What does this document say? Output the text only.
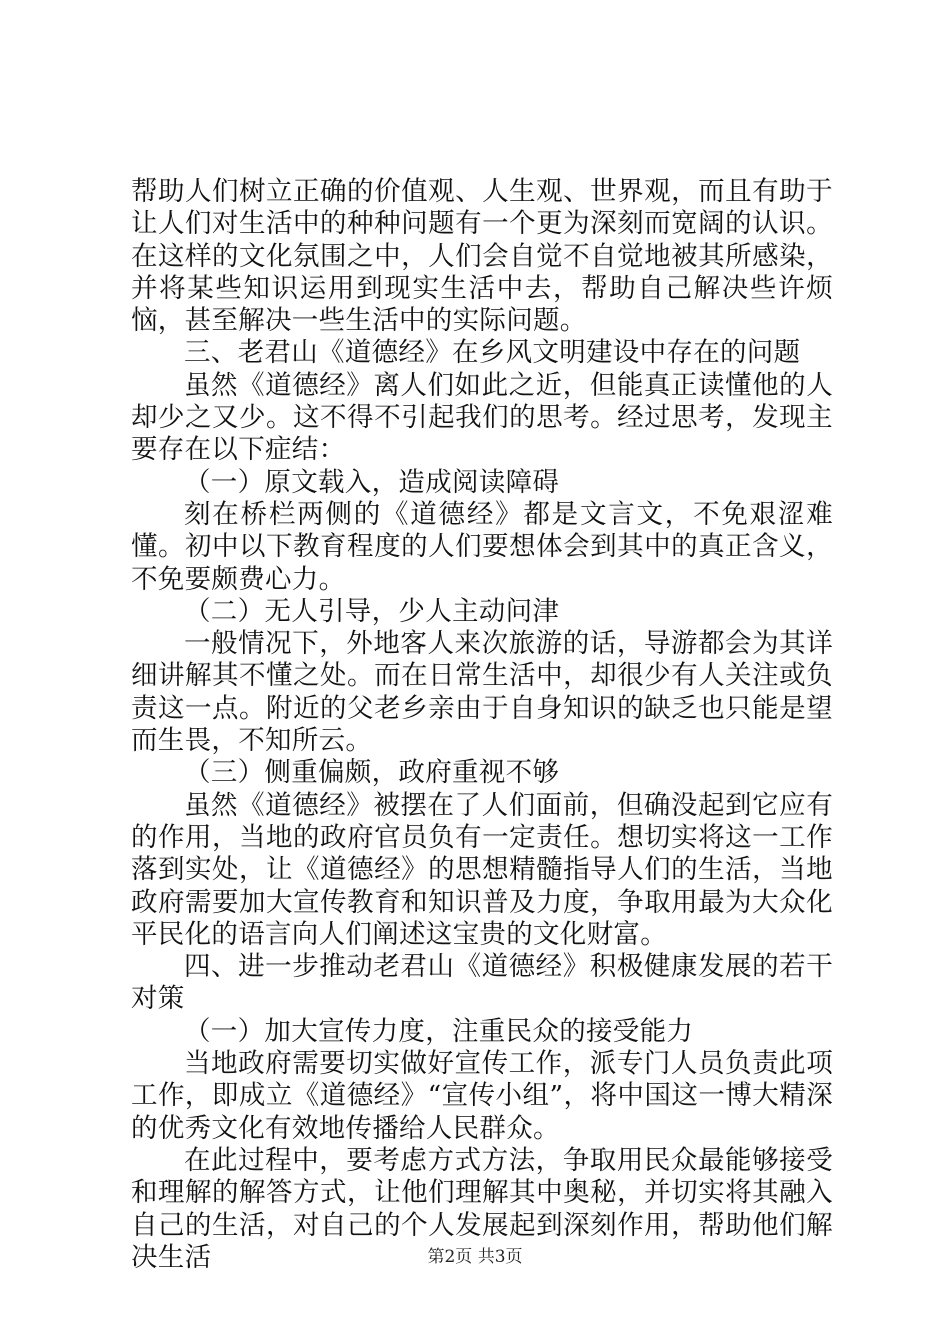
帮助人们树立正确的价值观、人生观、世界观，而且有助于让人们对生活中的种种问题有一个更为深刻而宽阔的认识。在这样的文化氛围之中，人们会自觉不自觉地被其所感染，并将某些知识运用到现实生活中去，帮助自己解决些许烦恼，甚至解决一些生活中的实际问题。

三、老君山《道德经》在乡风文明建设中存在的问题

虽然《道德经》离人们如此之近，但能真正读懂他的人却少之又少。这不得不引起我们的思考。经过思考，发现主要存在以下症结：

（一）原文载入，造成阅读障碍

刻在桥栏两侧的《道德经》都是文言文，不免艰涩难懂。初中以下教育程度的人们要想体会到其中的真正含义，不免要颇费心力。

（二）无人引导，少人主动问津

一般情况下，外地客人来次旅游的话，导游都会为其详细讲解其不懂之处。而在日常生活中，却很少有人关注或负责这一点。附近的父老乡亲由于自身知识的缺乏也只能是望而生畏，不知所云。

（三）侧重偏颇，政府重视不够

虽然《道德经》被摆在了人们面前，但确没起到它应有的作用，当地的政府官员负有一定责任。想切实将这一工作落到实处，让《道德经》的思想精髓指导人们的生活，当地政府需要加大宣传教育和知识普及力度，争取用最为大众化平民化的语言向人们阐述这宝贵的文化财富。

四、进一步推动老君山《道德经》积极健康发展的若干对策

（一）加大宣传力度，注重民众的接受能力

当地政府需要切实做好宣传工作，派专门人员负责此项工作，即成立《道德经》“宣传小组”，将中国这一博大精深的优秀文化有效地传播给人民群众。

在此过程中，要考虑方式方法，争取用民众最能够接受和理解的解答方式，让他们理解其中奥秘，并切实将其融入自己的生活，对自己的个人发展起到深刻作用，帮助他们解决生活	第2页 共3页
